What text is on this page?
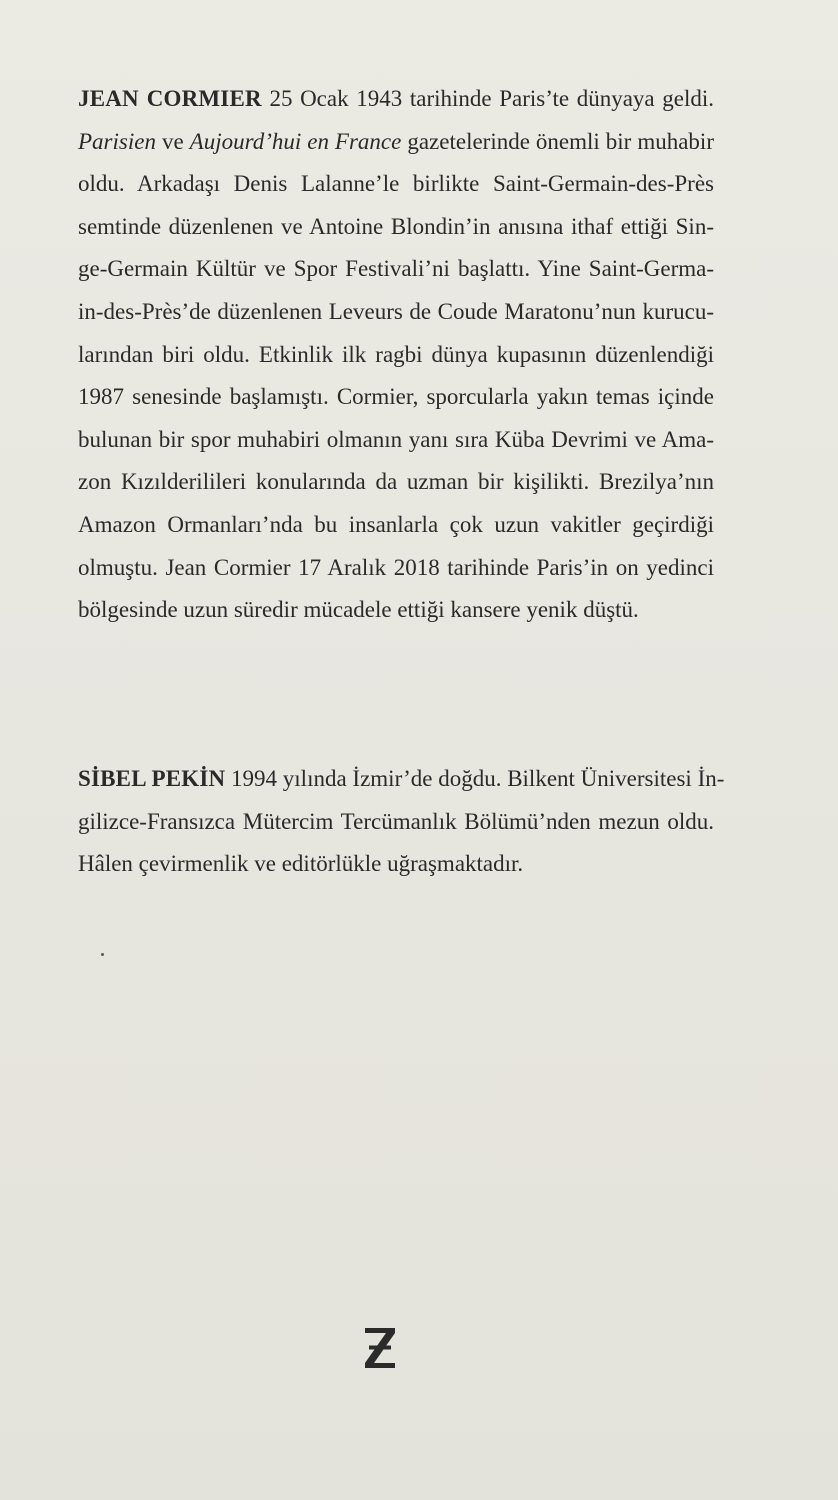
JEAN CORMIER 25 Ocak 1943 tarihinde Paris’te dünyaya geldi.
Parisien ve Aujourd’hui en France gazetelerinde önemli bir muhabir
oldu. Arkadaşı Denis Lalanne’le birlikte Saint-Germain-des-Près
semtinde düzenlenen ve Antoine Blondin’in anısına ithaf ettiği Sin-
ge-Germain Kültür ve Spor Festivali’ni başlattı. Yine Saint-Germa-
in-des-Près’de düzenlenen Leveurs de Coude Maratonu’nun kurucu-
larından biri oldu. Etkinlik ilk ragbi dünya kupasının düzenlendiği
1987 senesinde başlamıştı. Cormier, sporcularla yakın temas içinde
bulunan bir spor muhabiri olmanın yanı sıra Küba Devrimi ve Ama-
zon Kızılderilileri konularında da uzman bir kişilikti. Brezilya’nın
Amazon Ormanları’nda bu insanlarla çok uzun vakitler geçirdiği
olmuştu. Jean Cormier 17 Aralık 2018 tarihinde Paris’in on yedinci
bölgesinde uzun süredir mücadele ettiği kansere yenik düştü.
SİBEL PEKİN 1994 yılında İzmir’de doğdu. Bilkent Üniversitesi İn-
gilizce-Fransızca Mütercim Tercümanlık Bölümü’nden mezun oldu.
Hâlen çevirmenlik ve editörlükle uğraşmaktadır.
